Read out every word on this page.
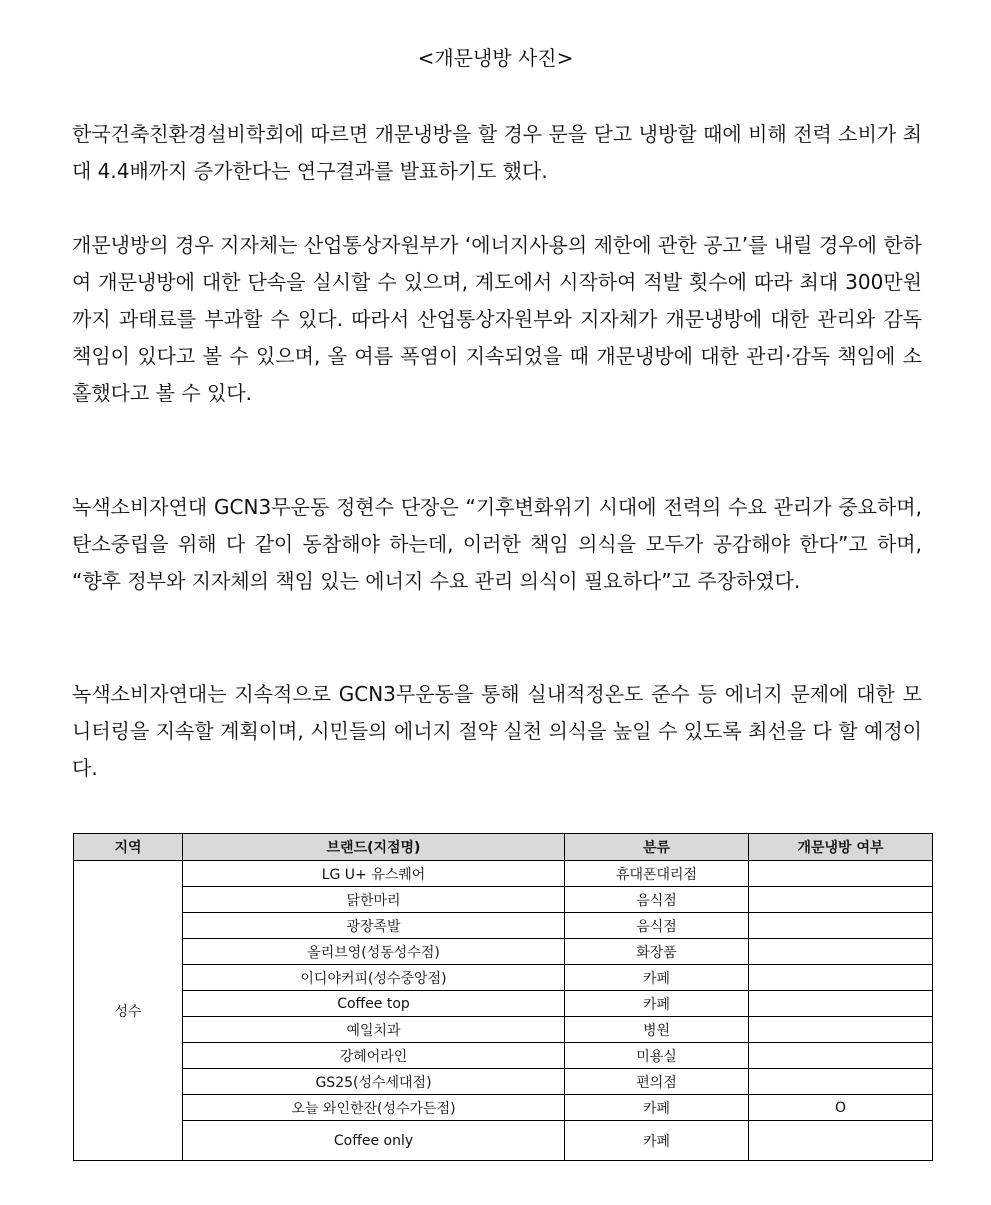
<개문냉방 사진>

한국건축친환경설비학회에 따르면 개문냉방을 할 경우 문을 닫고 냉방할 때에 비해 전력 소비가 최대 4.4배까지 증가한다는 연구결과를 발표하기도 했다.

개문냉방의 경우 지자체는 산업통상자원부가 ‘에너지사용의 제한에 관한 공고’를 내릴 경우에 한하여 개문냉방에 대한 단속을 실시할 수 있으며, 계도에서 시작하여 적발 횟수에 따라 최대 300만원까지 과태료를 부과할 수 있다. 따라서 산업통상자원부와 지자체가 개문냉방에 대한 관리와 감독 책임이 있다고 볼 수 있으며, 올 여름 폭염이 지속되었을 때 개문냉방에 대한 관리·감독 책임에 소홀했다고 볼 수 있다.

녹색소비자연대 GCN3무운동 정현수 단장은 “기후변화위기 시대에 전력의 수요 관리가 중요하며, 탄소중립을 위해 다 같이 동참해야 하는데, 이러한 책임 의식을 모두가 공감해야 한다”고 하며, “향후 정부와 지자체의 책임 있는 에너지 수요 관리 의식이 필요하다”고 주장하였다.

녹색소비자연대는 지속적으로 GCN3무운동을 통해 실내적정온도 준수 등 에너지 문제에 대한 모니터링을 지속할 계획이며, 시민들의 에너지 절약 실천 의식을 높일 수 있도록 최선을 다 할 예정이다.

지역	브랜드(지점명)	분류	개문냉방 여부
성수	LG U+ 유스퀘어	휴대폰대리점	
	닭한마리	음식점	
	광장족발	음식점	
	올리브영(성동성수점)	화장품	
	이디야커피(성수중앙점)	카페	
	Coffee top	카페	
	예일치과	병원	
	강헤어라인	미용실	
	GS25(성수세대점)	편의점	
	오늘 와인한잔(성수가든점)	카페	O
	Coffee only	카페	
